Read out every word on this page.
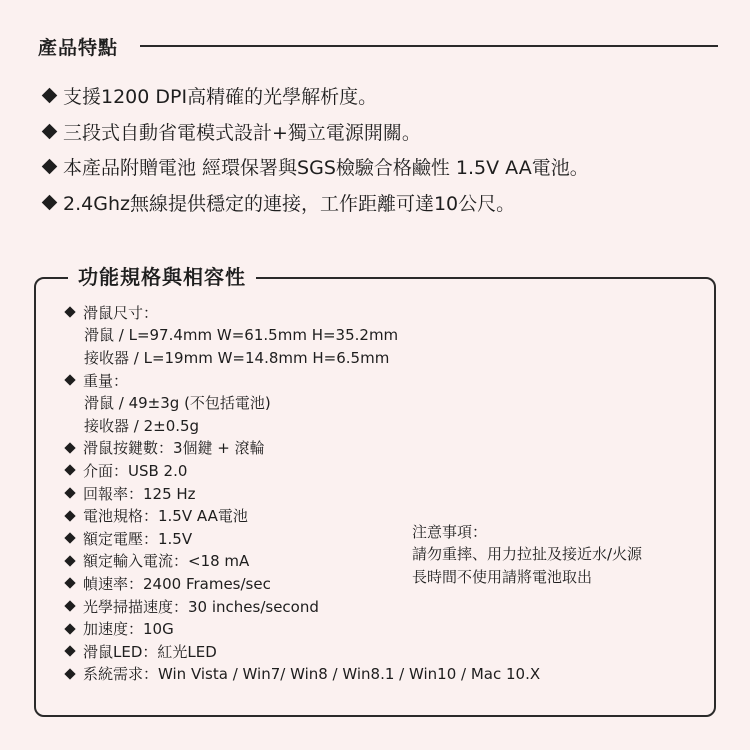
產品特點
支援1200 DPI高精確的光學解析度。
三段式自動省電模式設計+獨立電源開關。
本產品附贈電池 經環保署與SGS檢驗合格鹼性 1.5V AA電池。
2.4Ghz無線提供穩定的連接，工作距離可達10公尺。
功能規格與相容性
滑鼠尺寸：
滑鼠 / L=97.4mm W=61.5mm H=35.2mm
接收器 / L=19mm W=14.8mm H=6.5mm
重量：
滑鼠 / 49±3g (不包括電池)
接收器 / 2±0.5g
滑鼠按鍵數：3個鍵 + 滾輪
介面：USB 2.0
回報率：125 Hz
電池規格：1.5V AA電池
額定電壓：1.5V
額定輸入電流：<18 mA
幀速率：2400 Frames/sec
光學掃描速度：30 inches/second
加速度：10G
滑鼠LED：紅光LED
系統需求：Win Vista / Win7/ Win8 / Win8.1 / Win10 / Mac 10.X
注意事項：
請勿重摔、用力拉扯及接近水/火源
長時間不使用請將電池取出
